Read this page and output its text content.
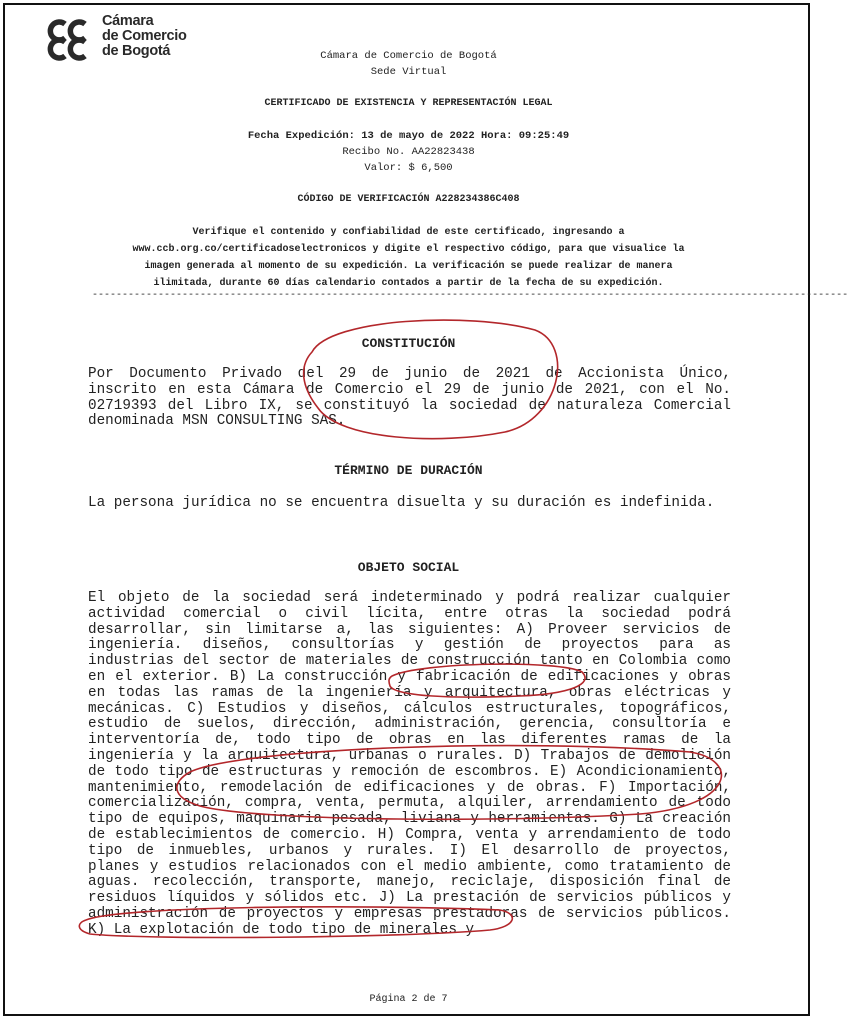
Cámara
de Comercio
de Bogotá	Cámara de Comercio de Bogotá
Sede Virtual
CERTIFICADO DE EXISTENCIA Y REPRESENTACIÓN LEGAL
Fecha Expedición: 13 de mayo de 2022 Hora: 09:25:49
Recibo No. AA22823438
Valor: $ 6,500
CÓDIGO DE VERIFICACIÓN A228234386C408
Verifique el contenido y confiabilidad de este certificado, ingresando a
www.ccb.org.co/certificadoselectronicos y digite el respectivo código, para que visualice la
imagen generada al momento de su expedición. La verificación se puede realizar de manera
ilimitada, durante 60 días calendario contados a partir de la fecha de su expedición.
------------------------------------------------------------------------------------------------------------------------------
CONSTITUCIÓN
Por Documento Privado del 29 de junio de 2021 de Accionista Único, inscrito en esta Cámara de Comercio el 29 de junio de 2021, con el No. 02719393 del Libro IX, se constituyó la sociedad de naturaleza Comercial denominada MSN CONSULTING SAS.
TÉRMINO DE DURACIÓN
La persona jurídica no se encuentra disuelta y su duración es indefinida.
OBJETO SOCIAL
El objeto de la sociedad será indeterminado y podrá realizar cualquier actividad comercial o civil lícita, entre otras la sociedad podrá desarrollar, sin limitarse a, las siguientes: A) Proveer servicios de ingeniería. diseños, consultorías y gestión de proyectos para as industrias del sector de materiales de construcción tanto en Colombia como en el exterior. B) La construcción y fabricación de edificaciones y obras en todas las ramas de la ingeniería y arquitectura, obras eléctricas y mecánicas. C) Estudios y diseños, cálculos estructurales, topográficos, estudio de suelos, dirección, administración, gerencia, consultoría e interventoría de, todo tipo de obras en las diferentes ramas de la ingeniería y la arquitectura, urbanas o rurales. D) Trabajos de demolición de todo tipo de estructuras y remoción de escombros. E) Acondicionamiento, mantenimiento, remodelación de edificaciones y de obras. F) Importación, comercialización, compra, venta, permuta, alquiler, arrendamiento de todo tipo de equipos, maquinaria pesada, liviana y herramientas. G) La creación de establecimientos de comercio. H) Compra, venta y arrendamiento de todo tipo de inmuebles, urbanos y rurales. I) El desarrollo de proyectos, planes y estudios relacionados con el medio ambiente, como tratamiento de aguas. recolección, transporte, manejo, reciclaje, disposición final de residuos líquidos y sólidos etc. J) La prestación de servicios públicos y administración de proyectos y empresas prestadoras de servicios públicos. K) La explotación de todo tipo de minerales y
Página 2 de 7
